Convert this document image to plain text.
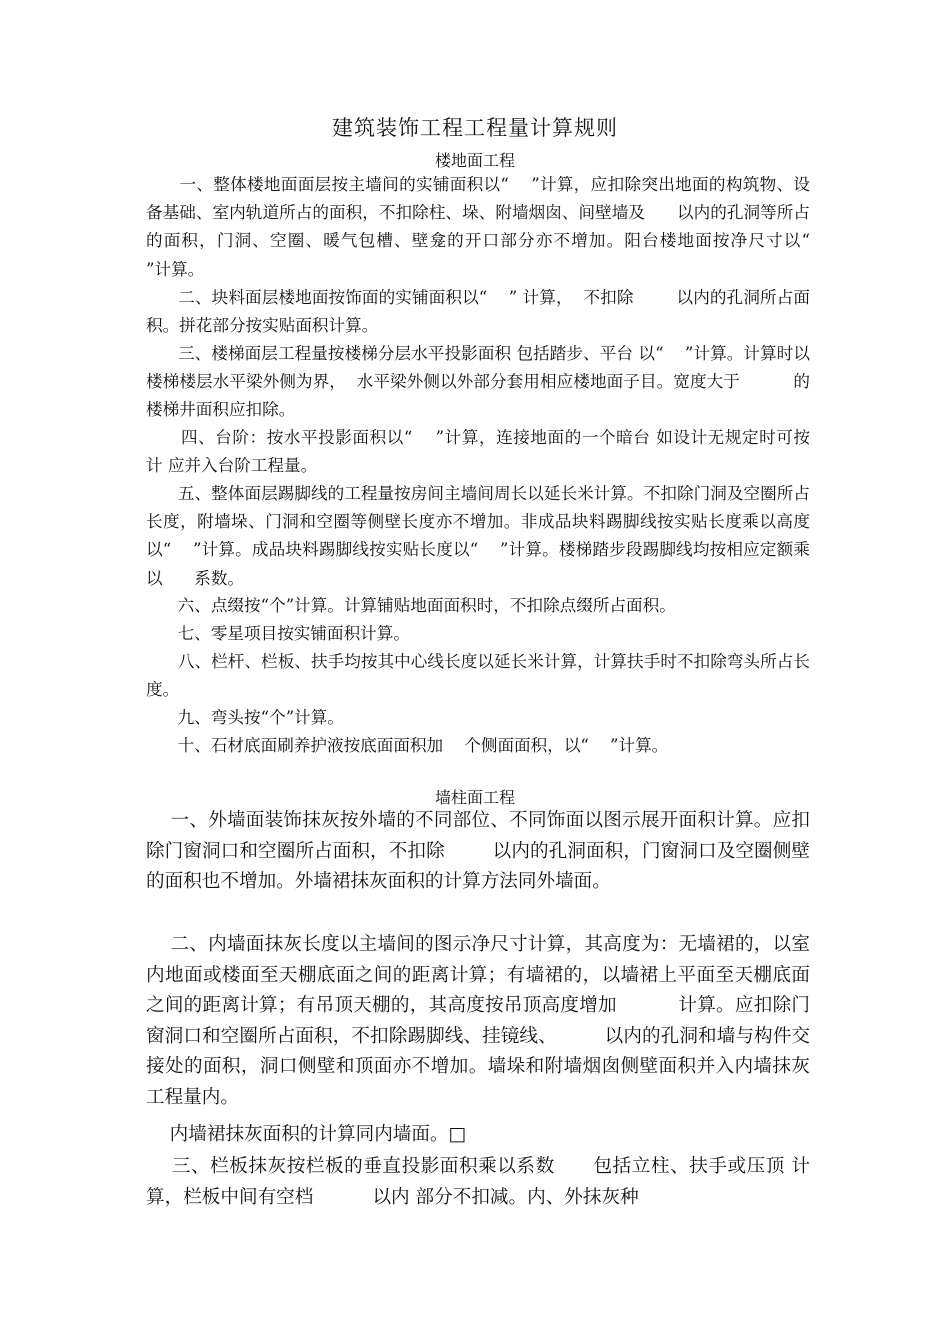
建筑装饰工程工程量计算规则
楼地面工程
一、整体楼地面面层按主墙间的实铺面积以“    ”计算，应扣除突出地面的构筑物、设备基础、室内轨道所占的面积，不扣除柱、垛、附墙烟囱、间壁墙及      以内的孔洞等所占的面积，门洞、空圈、暖气包槽、壁龛的开口部分亦不增加。阳台楼地面按净尺寸以“    ”计算。
二、块料面层楼地面按饰面的实铺面积以“    ” 计算，  不扣除        以内的孔洞所占面积。拼花部分按实贴面积计算。
三、楼梯面层工程量按楼梯分层水平投影面积 包括踏步、平台 以“    ”计算。计算时以楼梯楼层水平梁外侧为界，  水平梁外侧以外部分套用相应楼地面子目。宽度大于          的楼梯井面积应扣除。
四、台阶：按水平投影面积以“    ”计算，连接地面的一个暗台 如设计无规定时可按          计 应并入台阶工程量。
五、整体面层踢脚线的工程量按房间主墙间周长以延长米计算。不扣除门洞及空圈所占长度，附墙垛、门洞和空圈等侧壁长度亦不增加。非成品块料踢脚线按实贴长度乘以高度以“    ”计算。成品块料踢脚线按实贴长度以“    ”计算。楼梯踏步段踢脚线均按相应定额乘以      系数。
六、点缀按“个”计算。计算铺贴地面面积时，不扣除点缀所占面积。
七、零星项目按实铺面积计算。
八、栏杆、栏板、扶手均按其中心线长度以延长米计算，计算扶手时不扣除弯头所占长度。
九、弯头按“个”计算。
十、石材底面刷养护液按底面面积加    个侧面面积，以“    ”计算。
墙柱面工程
一、外墙面装饰抹灰按外墙的不同部位、不同饰面以图示展开面积计算。应扣除门窗洞口和空圈所占面积，不扣除        以内的孔洞面积，门窗洞口及空圈侧壁的面积也不增加。外墙裙抹灰面积的计算方法同外墙面。
二、内墙面抹灰长度以主墙间的图示净尺寸计算，其高度为：无墙裙的，以室内地面或楼面至天棚底面之间的距离计算；有墙裙的，以墙裙上平面至天棚底面之间的距离计算；有吊顶天棚的，其高度按吊顶高度增加          计算。应扣除门窗洞口和空圈所占面积，不扣除踢脚线、挂镜线、        以内的孔洞和墙与构件交接处的面积，洞口侧壁和顶面亦不增加。墙垛和附墙烟囱侧壁面积并入内墙抹灰工程量内。
内墙裙抹灰面积的计算同内墙面。□
三、栏板抹灰按栏板的垂直投影面积乘以系数      包括立柱、扶手或压顶 计算，栏板中间有空档          以内 部分不扣减。内、外抹灰种
